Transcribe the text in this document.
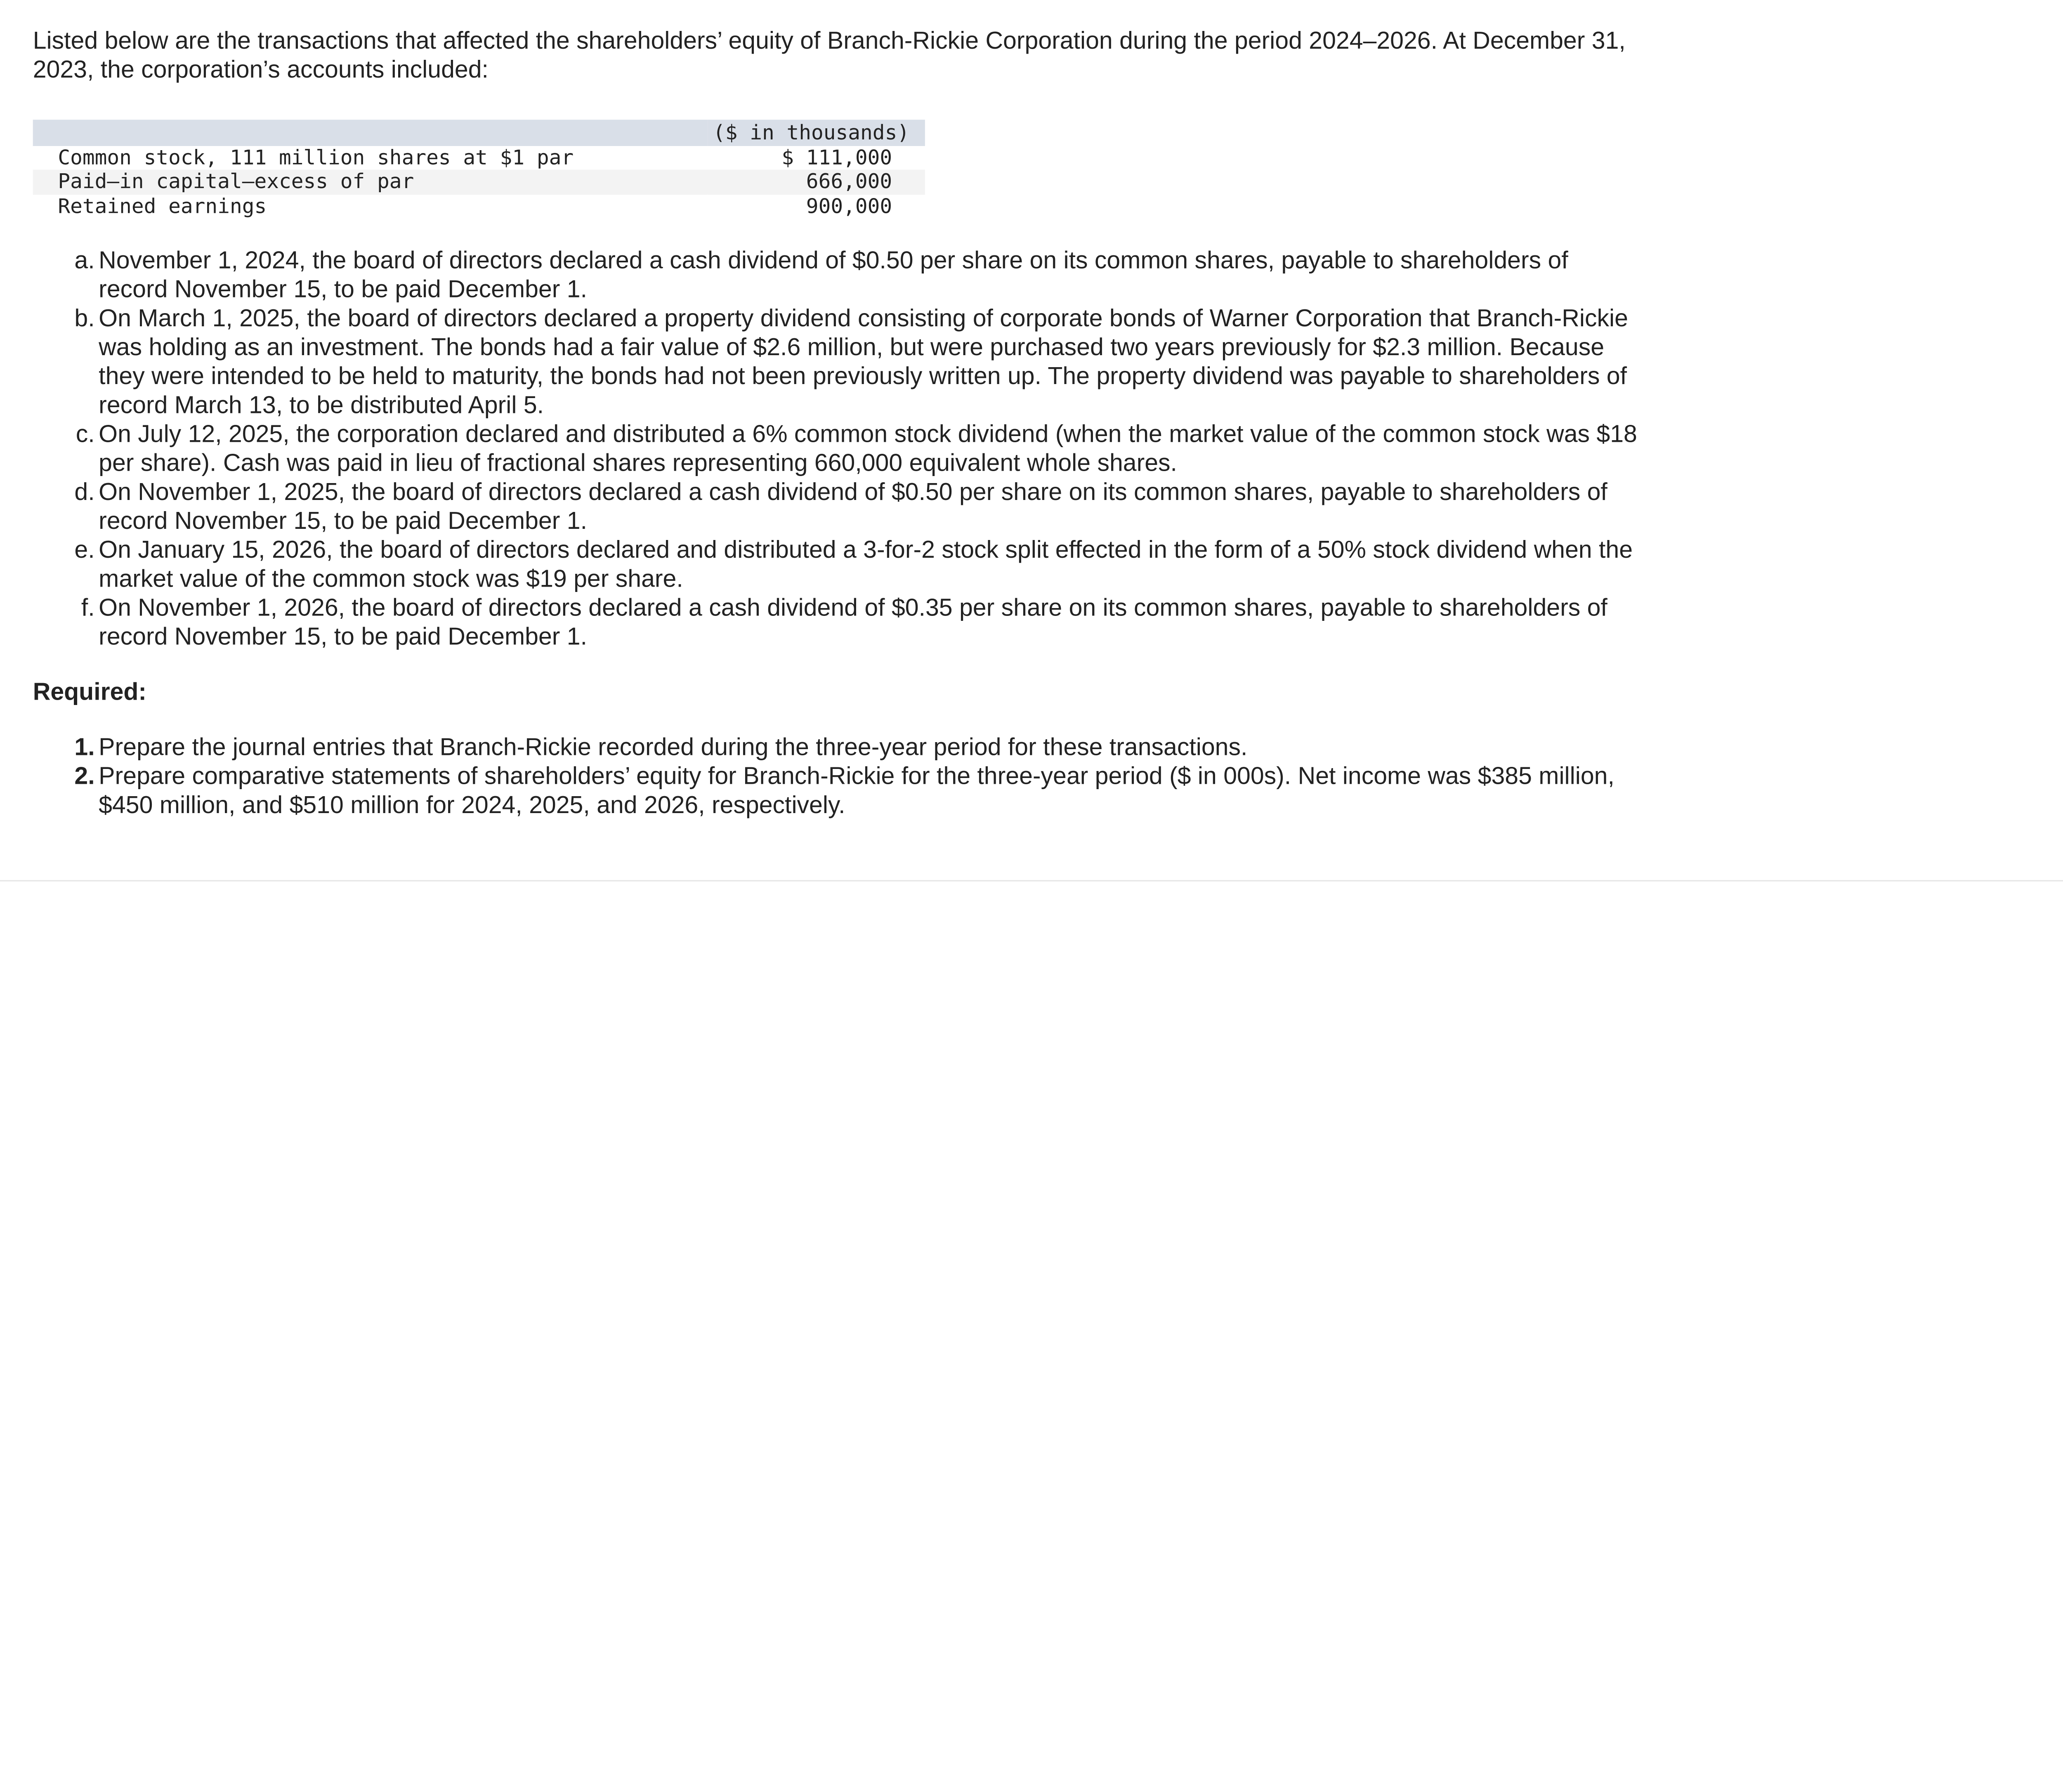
Listed below are the transactions that affected the shareholders’ equity of Branch-Rickie Corporation during the period 2024–2026. At December 31, 2023, the corporation’s accounts included:

	($ in thousands)
Common stock, 111 million shares at $1 par	$ 111,000
Paid–in capital—excess of par	666,000
Retained earnings	900,000
a. November 1, 2024, the board of directors declared a cash dividend of $0.50 per share on its common shares, payable to shareholders of record November 15, to be paid December 1.
b. On March 1, 2025, the board of directors declared a property dividend consisting of corporate bonds of Warner Corporation that Branch-Rickie was holding as an investment. The bonds had a fair value of $2.6 million, but were purchased two years previously for $2.3 million. Because they were intended to be held to maturity, the bonds had not been previously written up. The property dividend was payable to shareholders of record March 13, to be distributed April 5.
c. On July 12, 2025, the corporation declared and distributed a 6% common stock dividend (when the market value of the common stock was $18 per share). Cash was paid in lieu of fractional shares representing 660,000 equivalent whole shares.
d. On November 1, 2025, the board of directors declared a cash dividend of $0.50 per share on its common shares, payable to shareholders of record November 15, to be paid December 1.
e. On January 15, 2026, the board of directors declared and distributed a 3-for-2 stock split effected in the form of a 50% stock dividend when the market value of the common stock was $19 per share.
f. On November 1, 2026, the board of directors declared a cash dividend of $0.35 per share on its common shares, payable to shareholders of record November 15, to be paid December 1.

Required:

1. Prepare the journal entries that Branch-Rickie recorded during the three-year period for these transactions.
2. Prepare comparative statements of shareholders’ equity for Branch-Rickie for the three-year period ($ in 000s). Net income was $385 million, $450 million, and $510 million for 2024, 2025, and 2026, respectively.
